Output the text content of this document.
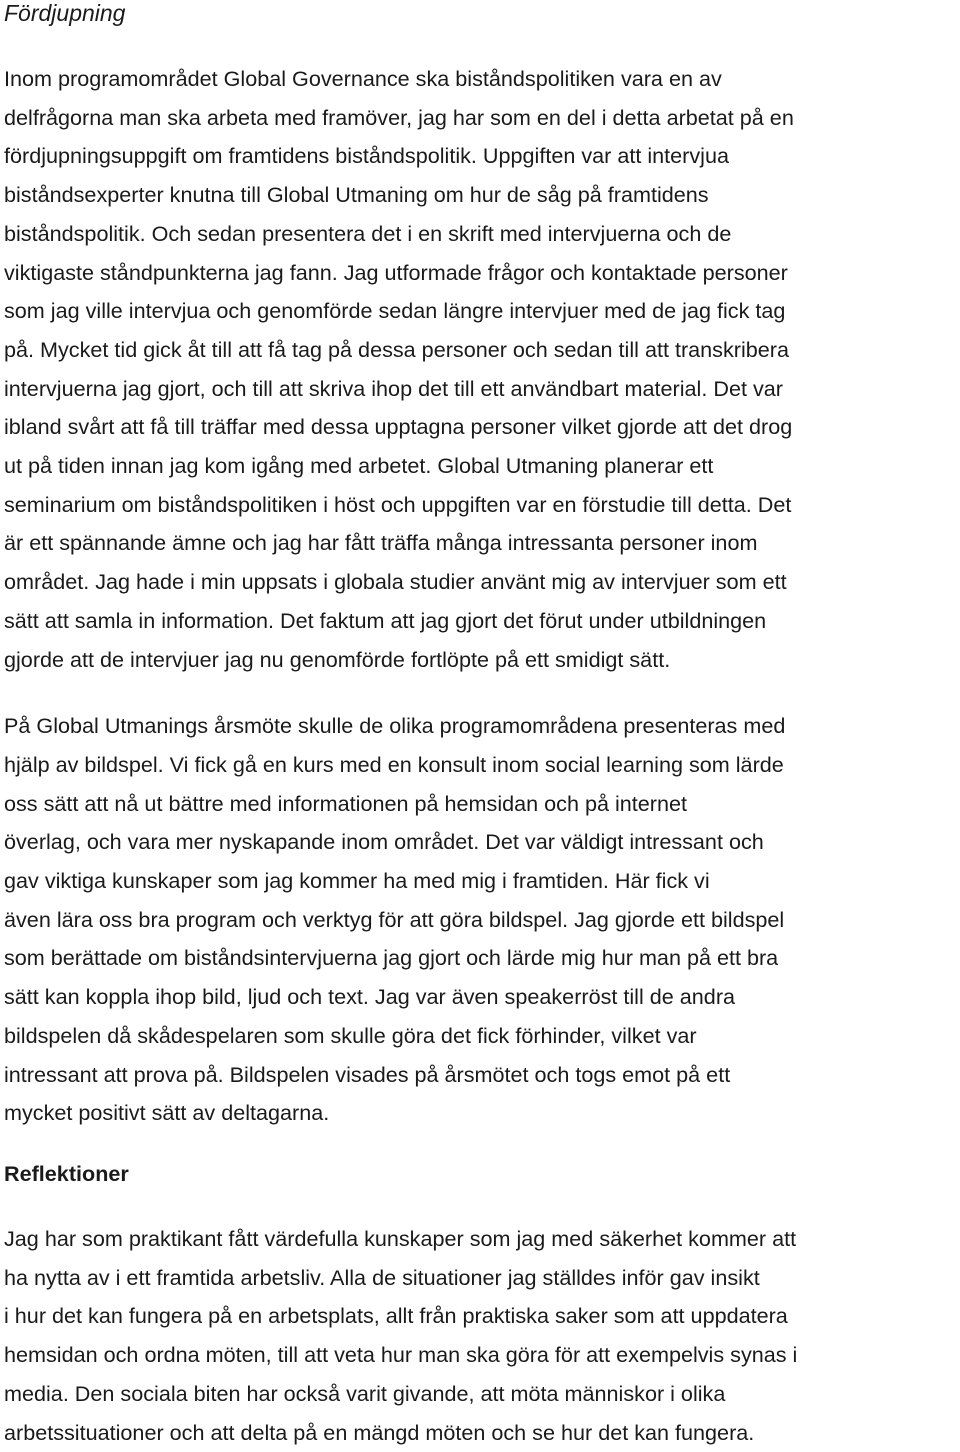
Fördjupning

Inom programområdet Global Governance ska biståndspolitiken vara en av
delfrågorna man ska arbeta med framöver, jag har som en del i detta arbetat på en
fördjupningsuppgift om framtidens biståndspolitik. Uppgiften var att intervjua
biståndsexperter knutna till Global Utmaning om hur de såg på framtidens
biståndspolitik. Och sedan presentera det i en skrift med intervjuerna och de
viktigaste ståndpunkterna jag fann. Jag utformade frågor och kontaktade personer
som jag ville intervjua och genomförde sedan längre intervjuer med de jag fick tag
på. Mycket tid gick åt till att få tag på dessa personer och sedan till att transkribera
intervjuerna jag gjort, och till att skriva ihop det till ett användbart material. Det var
ibland svårt att få till träffar med dessa upptagna personer vilket gjorde att det drog
ut på tiden innan jag kom igång med arbetet. Global Utmaning planerar ett
seminarium om biståndspolitiken i höst och uppgiften var en förstudie till detta. Det
är ett spännande ämne och jag har fått träffa många intressanta personer inom
området. Jag hade i min uppsats i globala studier använt mig av intervjuer som ett
sätt att samla in information. Det faktum att jag gjort det förut under utbildningen
gjorde att de intervjuer jag nu genomförde fortlöpte på ett smidigt sätt.

På Global Utmanings årsmöte skulle de olika programområdena presenteras med
hjälp av bildspel. Vi fick gå en kurs med en konsult inom social learning som lärde
oss sätt att nå ut bättre med informationen på hemsidan och på internet
överlag, och vara mer nyskapande inom området. Det var väldigt intressant och
gav viktiga kunskaper som jag kommer ha med mig i framtiden. Här fick vi
även lära oss bra program och verktyg för att göra bildspel. Jag gjorde ett bildspel
som berättade om biståndsintervjuerna jag gjort och lärde mig hur man på ett bra
sätt kan koppla ihop bild, ljud och text. Jag var även speakerröst till de andra
bildspelen då skådespelaren som skulle göra det fick förhinder, vilket var
intressant att prova på. Bildspelen visades på årsmötet och togs emot på ett
mycket positivt sätt av deltagarna.

Reflektioner

Jag har som praktikant fått värdefulla kunskaper som jag med säkerhet kommer att
ha nytta av i ett framtida arbetsliv. Alla de situationer jag ställdes inför gav insikt
i hur det kan fungera på en arbetsplats, allt från praktiska saker som att uppdatera
hemsidan och ordna möten, till att veta hur man ska göra för att exempelvis synas i
media. Den sociala biten har också varit givande, att möta människor i olika
arbetssituationer och att delta på en mängd möten och se hur det kan fungera.
